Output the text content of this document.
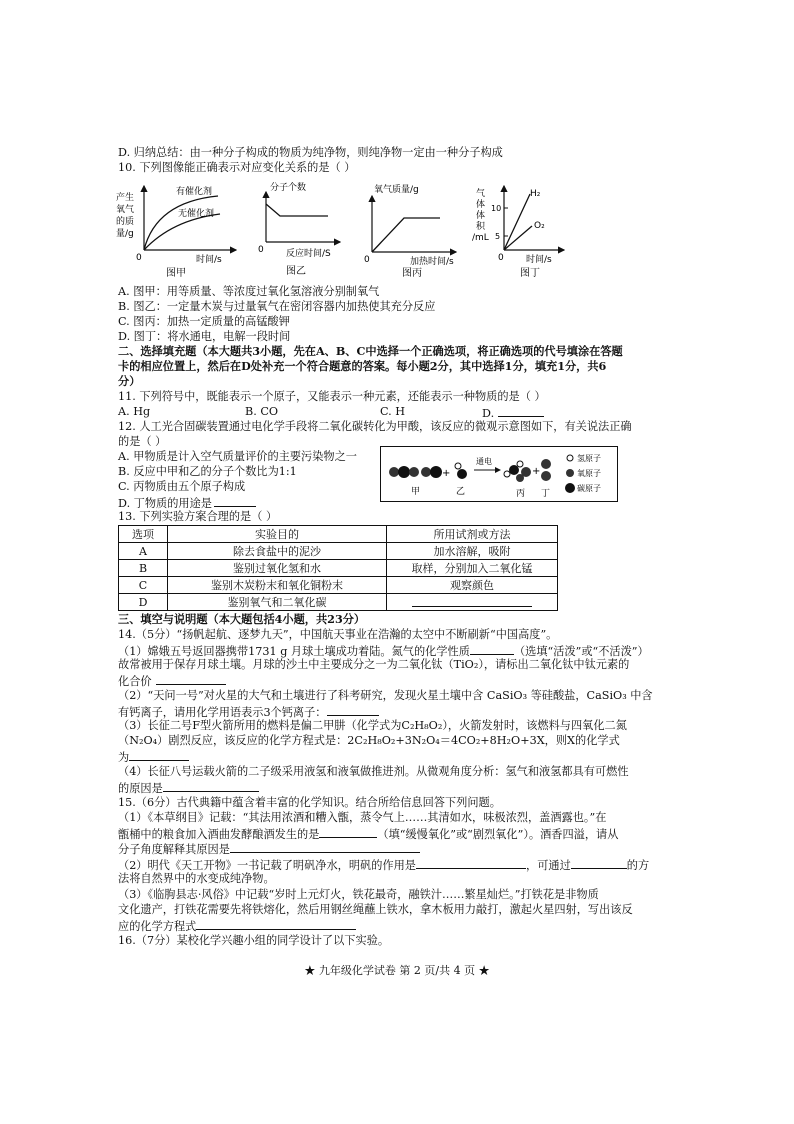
D. 归纳总结：由一种分子构成的物质为纯净物，则纯净物一定由一种分子构成
10. 下列图像能正确表示对应变化关系的是（ ）
产生
氧气
的质
量/g
有催化剂
无催化剂
0	时间/s
图甲
分子个数
0 反应时间/S
图乙
氧气质量/g
0	加热时间/s
图丙
气
体
体
积
/mL
10
5
H₂
O₂
0 时间/s
图丁
A. 图甲：用等质量、等浓度过氧化氢溶液分别制氧气
B. 图乙：一定量木炭与过量氧气在密闭容器内加热使其充分反应
C. 图丙：加热一定质量的高锰酸钾
D. 图丁：将水通电，电解一段时间
二、选择填充题（本大题共3小题，先在A、B、C中选择一个正确选项，将正确选项的代号填涂在答题
卡的相应位置上，然后在D处补充一个符合题意的答案。每小题2分，其中选择1分，填充1分，共6
分）
11. 下列符号中，既能表示一个原子，又能表示一种元素，还能表示一种物质的是（ ）
A. Hg	B. CO	C. H	D.
12. 人工光合固碳装置通过电化学手段将二氧化碳转化为甲酸，该反应的微观示意图如下，有关说法正确
的是（ ）
A. 甲物质是计入空气质量评价的主要污染物之一
B. 反应中甲和乙的分子个数比为1:1
C. 丙物质由五个原子构成
D. 丁物质的用途是
甲
+
乙
通电
丙
+
丁
氢原子
氧原子
碳原子
13. 下列实验方案合理的是（ ）
选项	实验目的	所用试剂或方法
A	除去食盐中的泥沙	加水溶解，吸附
B	鉴别过氧化氢和水	取样，分别加入二氧化锰
C	鉴别木炭粉末和氧化铜粉末	观察颜色
D	鉴别氧气和二氧化碳	
三、填空与说明题（本大题包括4小题，共23分）
14.（5分）“扬帆起航、逐梦九天”，中国航天事业在浩瀚的太空中不断刷新“中国高度”。
（1）嫦娥五号返回器携带1731 g 月球土壤成功着陆。氮气的化学性质	（选填“活泼”或“不活泼”）
故常被用于保存月球土壤。月球的沙土中主要成分之一为二氧化钛（TiO₂），请标出二氧化钛中钛元素的
化合价
（2）“天问一号”对火星的大气和土壤进行了科考研究，发现火星土壤中含 CaSiO₃ 等硅酸盐，CaSiO₃ 中含
有钙离子，请用化学用语表示3个钙离子：
（3）长征二号F型火箭所用的燃料是偏二甲肼（化学式为C₂H₈O₂），火箭发射时，该燃料与四氧化二氮
（N₂O₄）剧烈反应，该反应的化学方程式是：2C₂H₈O₂+3N₂O₄＝4CO₂+8H₂O+3X，则X的化学式
为
（4）长征八号运载火箭的二子级采用液氢和液氧做推进剂。从微观角度分析：氢气和液氢都具有可燃性
的原因是
15.（6分）古代典籍中蕴含着丰富的化学知识。结合所给信息回答下列问题。
（1）《本草纲目》记载：“其法用浓酒和糟入甑，蒸令气上……其清如水，味极浓烈，盖酒露也。”在
甑桶中的粮食加入酒曲发酵酿酒发生的是	（填“缓慢氧化”或“剧烈氧化”）。酒香四溢，请从
分子角度解释其原因是
（2）明代《天工开物》一书记载了明矾净水，明矾的作用是	，可通过	的方
法将自然界中的水变成纯净物。
（3）《临朐县志·风俗》中记载“岁时上元灯火，铁花最奇，融铁汁……繁星灿烂。”打铁花是非物质
文化遗产，打铁花需要先将铁熔化，然后用钢丝绳蘸上铁水，拿木板用力敲打，激起火星四射，写出该反
应的化学方程式
16.（7分）某校化学兴趣小组的同学设计了以下实验。
★ 九年级化学试卷 第 2 页/共 4 页 ★
